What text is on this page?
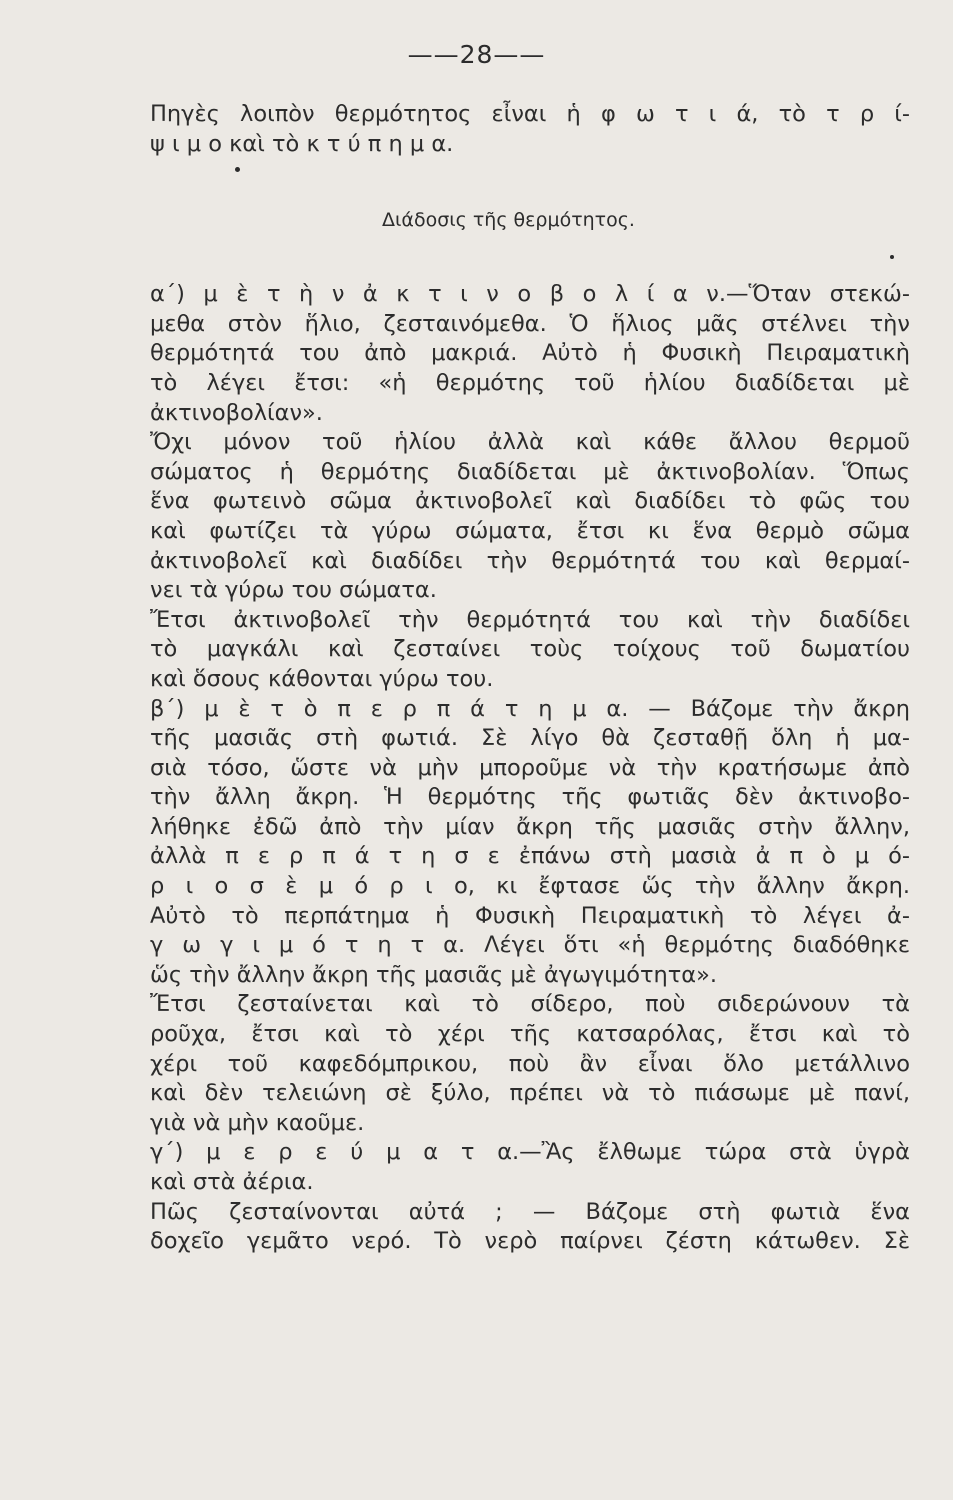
——28——
Πηγὲς λοιπὸν θερμότητος εἶναι ἡ φ ω τ ι ά, τὸ τ ρ ί-
ψ ι μ ο καὶ τὸ κ τ ύ π η μ α.
Διάδοσις τῆς θερμότητος.
α΄) μ ὲ τ ὴ ν ἀ κ τ ι ν ο β ο λ ί α ν.—Ὅταν στεκώ-
μεθα στὸν ἥλιο, ζεσταινόμεθα. Ὁ ἥλιος μᾶς στέλνει τὴν
θερμότητά του ἀπὸ μακριά. Αὐτὸ ἡ Φυσικὴ Πειραματικὴ
τὸ λέγει ἔτσι: «ἡ θερμότης τοῦ ἡλίου διαδίδεται μὲ
ἀκτινοβολίαν».
Ὄχι μόνον τοῦ ἡλίου ἀλλὰ καὶ κάθε ἄλλου θερμοῦ
σώματος ἡ θερμότης διαδίδεται μὲ ἀκτινοβολίαν. Ὅπως
ἕνα φωτεινὸ σῶμα ἀκτινοβολεῖ καὶ διαδίδει τὸ φῶς του
καὶ φωτίζει τὰ γύρω σώματα, ἔτσι κι ἕνα θερμὸ σῶμα
ἀκτινοβολεῖ καὶ διαδίδει τὴν θερμότητά του καὶ θερμαί-
νει τὰ γύρω του σώματα.
Ἔτσι ἀκτινοβολεῖ τὴν θερμότητά του καὶ τὴν διαδίδει
τὸ μαγκάλι καὶ ζεσταίνει τοὺς τοίχους τοῦ δωματίου
καὶ ὅσους κάθονται γύρω του.
β΄) μ ὲ τ ὸ π ε ρ π ά τ η μ α. — Βάζομε τὴν ἄκρη
τῆς μασιᾶς στὴ φωτιά. Σὲ λίγο θὰ ζεσταθῇ ὅλη ἡ μα-
σιὰ τόσο, ὥστε νὰ μὴν μποροῦμε νὰ τὴν κρατήσωμε ἀπὸ
τὴν ἄλλη ἄκρη. Ἡ θερμότης τῆς φωτιᾶς δὲν ἀκτινοβο-
λήθηκε ἐδῶ ἀπὸ τὴν μίαν ἄκρη τῆς μασιᾶς στὴν ἄλλην,
ἀλλὰ π ε ρ π ά τ η σ ε ἐπάνω στὴ μασιὰ ἀ π ὸ μ ό-
ρ ι ο σ ὲ μ ό ρ ι ο, κι ἔφτασε ὥς τὴν ἄλλην ἄκρη.
Αὐτὸ τὸ περπάτημα ἡ Φυσικὴ Πειραματικὴ τὸ λέγει ἀ-
γ ω γ ι μ ό τ η τ α. Λέγει ὅτι «ἡ θερμότης διαδόθηκε
ὥς τὴν ἄλλην ἄκρη τῆς μασιᾶς μὲ ἀγωγιμότητα».
Ἔτσι ζεσταίνεται καὶ τὸ σίδερο, ποὺ σιδερώνουν τὰ
ροῦχα, ἔτσι καὶ τὸ χέρι τῆς κατσαρόλας, ἔτσι καὶ τὸ
χέρι τοῦ καφεδόμπρικου, ποὺ ἂν εἶναι ὅλο μετάλλινο
καὶ δὲν τελειώνη σὲ ξύλο, πρέπει νὰ τὸ πιάσωμε μὲ πανί,
γιὰ νὰ μὴν καοῦμε.
γ΄) μ ε ρ ε ύ μ α τ α.—Ἂς ἔλθωμε τώρα στὰ ὑγρὰ
καὶ στὰ ἀέρια.
Πῶς ζεσταίνονται αὐτά ; — Βάζομε στὴ φωτιὰ ἕνα
δοχεῖο γεμᾶτο νερό. Τὸ νερὸ παίρνει ζέστη κάτωθεν. Σὲ
